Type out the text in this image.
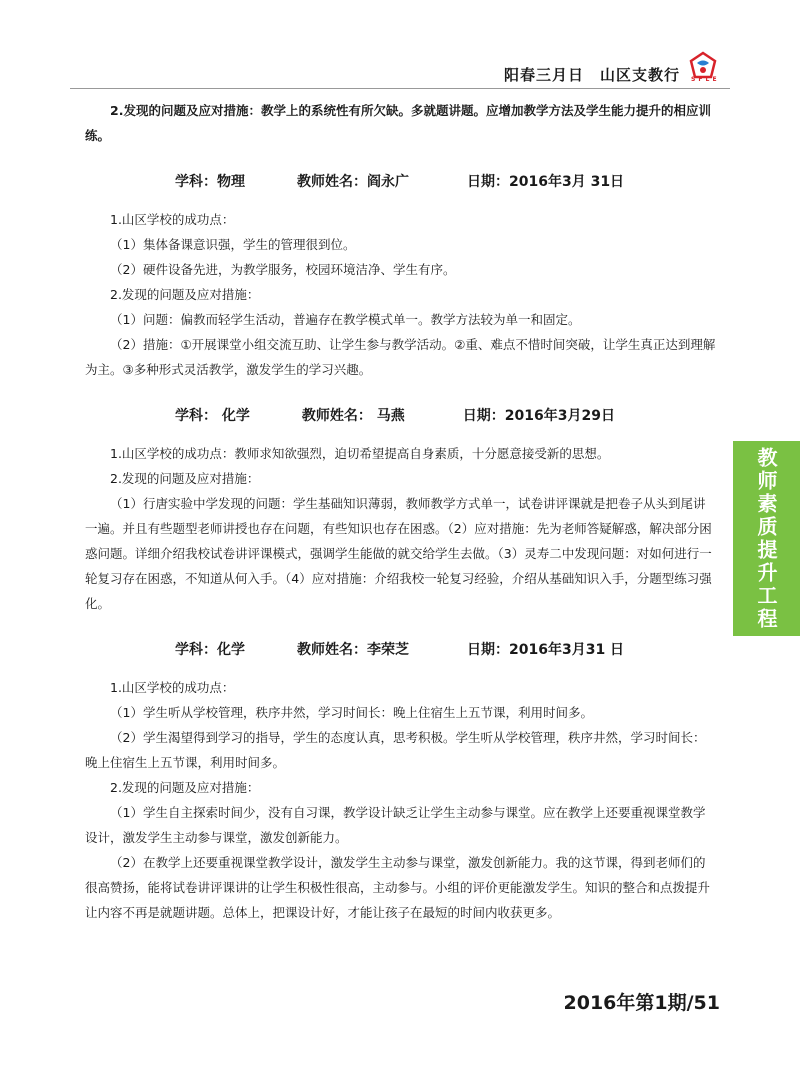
阳春三月日　山区支教行	S F L E
教师素质提升工程

2.发现的问题及应对措施：教学上的系统性有所欠缺。多就题讲题。应增加教学方法及学生能力提升的相应训练。

学科：物理	教师姓名：阎永广	日期：2016年3月 31日

1.山区学校的成功点：

（1）集体备课意识强，学生的管理很到位。

（2）硬件设备先进，为教学服务，校园环境洁净、学生有序。

2.发现的问题及应对措施：

（1）问题：偏教而轻学生活动，普遍存在教学模式单一。教学方法较为单一和固定。

（2）措施：①开展课堂小组交流互助、让学生参与教学活动。②重、难点不惜时间突破，让学生真正达到理解为主。③多种形式灵活教学，激发学生的学习兴趣。

学科： 化学	教师姓名： 马燕	日期：2016年3月29日

1.山区学校的成功点：教师求知欲强烈，迫切希望提高自身素质，十分愿意接受新的思想。

2.发现的问题及应对措施：

（1）行唐实验中学发现的问题：学生基础知识薄弱，教师教学方式单一，试卷讲评课就是把卷子从头到尾讲一遍。并且有些题型老师讲授也存在问题，有些知识也存在困惑。（2）应对措施：先为老师答疑解惑，解决部分困惑问题。详细介绍我校试卷讲评课模式，强调学生能做的就交给学生去做。（3）灵寿二中发现问题：对如何进行一轮复习存在困惑，不知道从何入手。（4）应对措施：介绍我校一轮复习经验，介绍从基础知识入手，分题型练习强化。

学科：化学	教师姓名：李荣芝	日期：2016年3月31 日

1.山区学校的成功点：

（1）学生听从学校管理，秩序井然，学习时间长：晚上住宿生上五节课，利用时间多。

（2）学生渴望得到学习的指导，学生的态度认真，思考积极。学生听从学校管理，秩序井然，学习时间长：晚上住宿生上五节课，利用时间多。

2.发现的问题及应对措施：

（1）学生自主探索时间少，没有自习课，教学设计缺乏让学生主动参与课堂。应在教学上还要重视课堂教学设计，激发学生主动参与课堂，激发创新能力。

（2）在教学上还要重视课堂教学设计，激发学生主动参与课堂，激发创新能力。我的这节课，得到老师们的很高赞扬，能将试卷讲评课讲的让学生积极性很高，主动参与。小组的评价更能激发学生。知识的整合和点拨提升让内容不再是就题讲题。总体上，把课设计好，才能让孩子在最短的时间内收获更多。

2016年第1期/51
